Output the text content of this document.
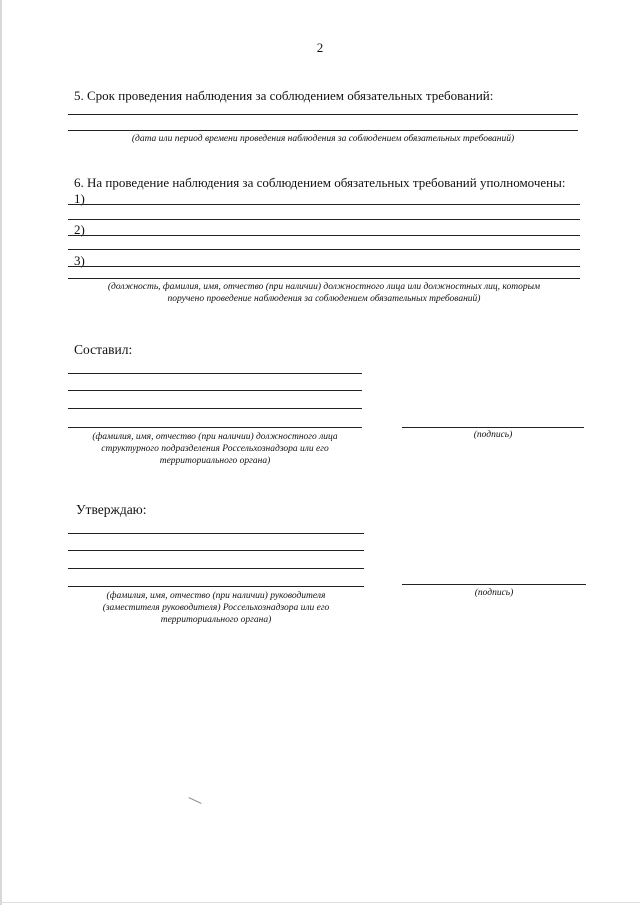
2
5. Срок проведения наблюдения за соблюдением обязательных требований:
(дата или период времени проведения наблюдения за соблюдением обязательных требований)
6. На проведение наблюдения за соблюдением обязательных требований уполномочены:
1)
2)
3)
(должность, фамилия, имя, отчество (при наличии) должностного лица или должностных лиц, которым
поручено проведение наблюдения за соблюдением обязательных требований)
Составил:
(фамилия, имя, отчество (при наличии) должностного лица
структурного подразделения Россельхознадзора или его
территориального органа)
(подпись)
Утверждаю:
(фамилия, имя, отчество (при наличии) руководителя
(заместителя руководителя) Россельхознадзора или его
территориального органа)
(подпись)
